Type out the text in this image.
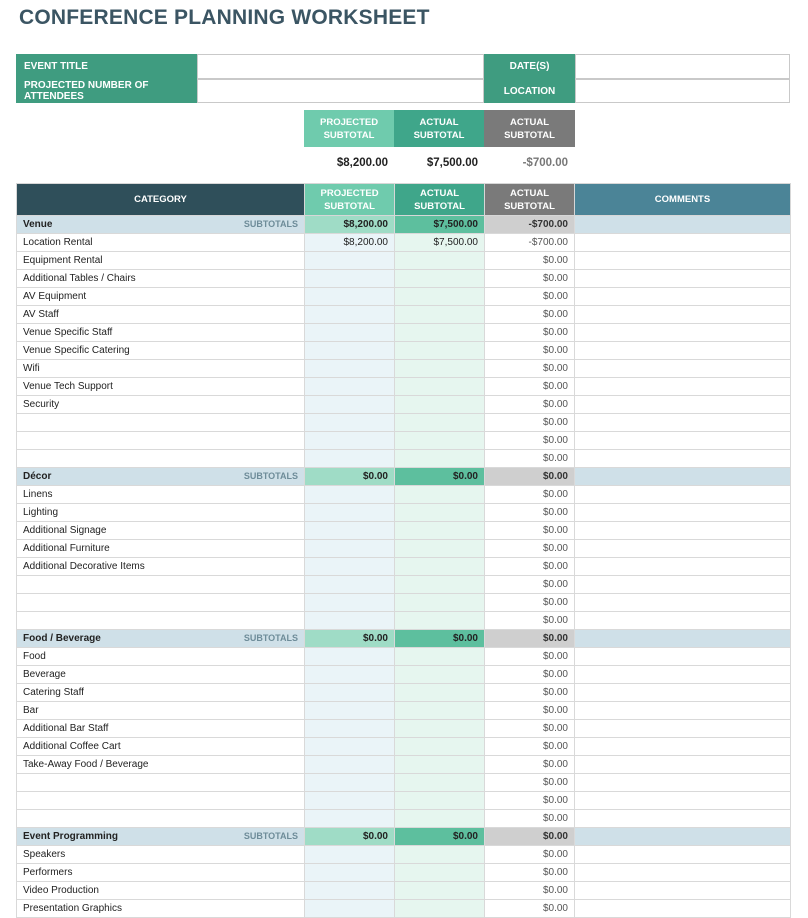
CONFERENCE PLANNING WORKSHEET
EVENT TITLE	DATE(S)
PROJECTED NUMBER OF ATTENDEES	LOCATION
PROJECTED SUBTOTAL
ACTUAL SUBTOTAL
ACTUAL SUBTOTAL
$8,200.00	$7,500.00	-$700.00
CATEGORY	PROJECTED SUBTOTAL	ACTUAL SUBTOTAL	ACTUAL SUBTOTAL	COMMENTS

Venue SUBTOTALS	$8,200.00	$7,500.00	-$700.00	
Location Rental	$8,200.00	$7,500.00	-$700.00	
Equipment Rental			$0.00	
Additional Tables / Chairs			$0.00	
AV Equipment			$0.00	
AV Staff			$0.00	
Venue Specific Staff			$0.00	
Venue Specific Catering			$0.00	
Wifi			$0.00	
Venue Tech Support			$0.00	
Security			$0.00	
			$0.00	
			$0.00	
			$0.00	

Décor SUBTOTALS	$0.00	$0.00	$0.00	
Linens			$0.00	
Lighting			$0.00	
Additional Signage			$0.00	
Additional Furniture			$0.00	
Additional Decorative Items			$0.00	
			$0.00	
			$0.00	
			$0.00	

Food / Beverage SUBTOTALS	$0.00	$0.00	$0.00	
Food			$0.00	
Beverage			$0.00	
Catering Staff			$0.00	
Bar			$0.00	
Additional Bar Staff			$0.00	
Additional Coffee Cart			$0.00	
Take-Away Food / Beverage			$0.00	
			$0.00	
			$0.00	
			$0.00	

Event Programming SUBTOTALS	$0.00	$0.00	$0.00	
Speakers			$0.00	
Performers			$0.00	
Video Production			$0.00	
Presentation Graphics			$0.00	
